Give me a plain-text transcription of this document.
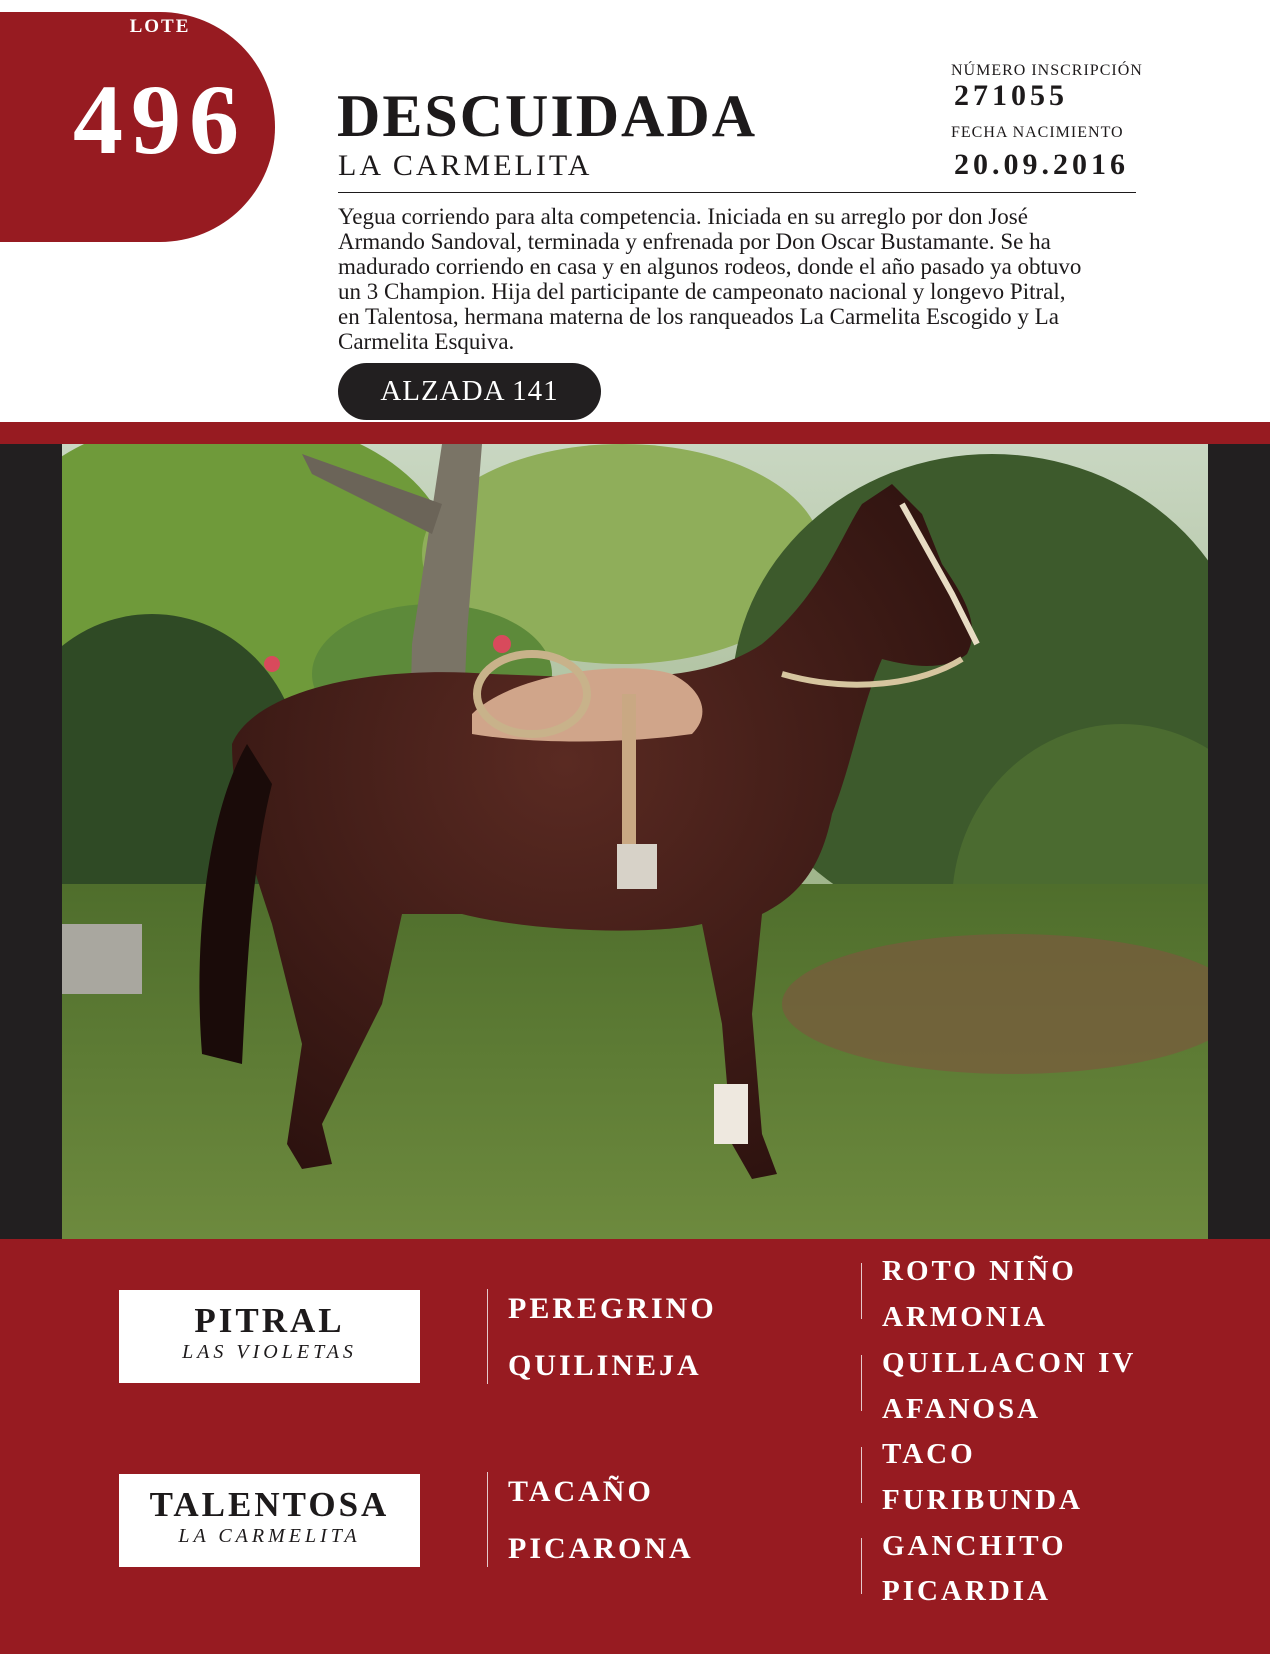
LOTE
496	DESCUIDADA
LA CARMELITA
NÚMERO INSCRIPCIÓN
271055
FECHA NACIMIENTO
20.09.2016
Yegua corriendo para alta competencia. Iniciada en su arreglo por don José
Armando Sandoval, terminada y enfrenada por Don Oscar Bustamante. Se ha
madurado corriendo en casa y en algunos rodeos, donde el año pasado ya obtuvo
un 3 Champion. Hija del participante de campeonato nacional y longevo Pitral,
en Talentosa, hermana materna de los ranqueados La Carmelita Escogido y La
Carmelita Esquiva.
ALZADA 141
PITRAL
LAS VIOLETAS
TALENTOSA
LA CARMELITA
PEREGRINO
QUILINEJA
TACAÑO
PICARONA
ROTO NIÑO
ARMONIA
QUILLACON IV
AFANOSA
TACO
FURIBUNDA
GANCHITO
PICARDIA
